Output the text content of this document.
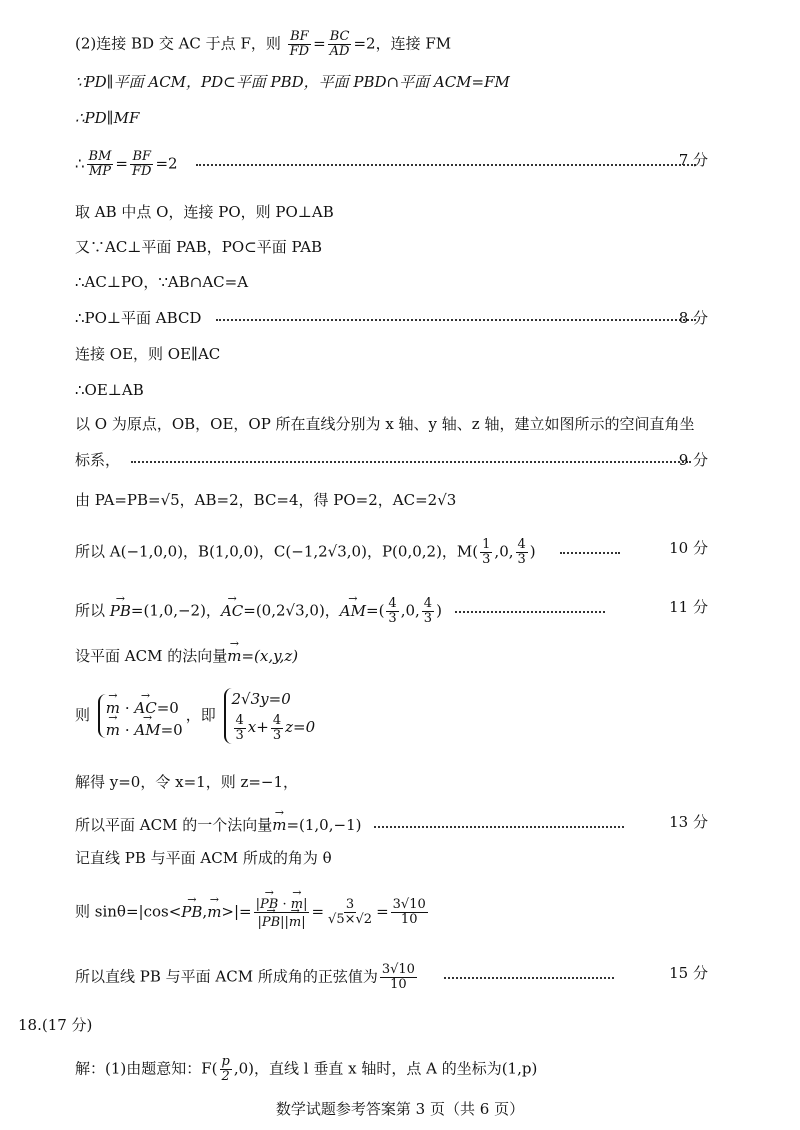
(2)连接 BD 交 AC 于点 F，则 $\frac{BF}{FD} = \frac{BC}{AD} =2$，连接 FM
∵PD∥平面 ACM，PD⊂平面 PBD，平面 PBD∩平面 ACM=FM
∴PD∥MF
∴ $\frac{BM}{MP} = \frac{BF}{FD} =2$	7 分
取 AB 中点 O，连接 PO，则 PO⊥AB
又∵AC⊥平面 PAB，PO⊂平面 PAB
∴AC⊥PO，∵AB∩AC=A
∴PO⊥平面 ABCD	8 分
连接 OE，则 OE∥AC
∴OE⊥AB
以 O 为原点，OB，OE，OP 所在直线分别为 x 轴、y 轴、z 轴，建立如图所示的空间直角坐
标系，	9 分
由 PA=PB=√5，AB=2，BC=4，得 PO=2，AC=2√3
所以 A(−1,0,0)，B(1,0,0)，C(−1,2√3,0)，P(0,0,2)，$M( \frac{1}{3} ,0$, $\frac{4}{3}$ )	10 分
所以 → PB=(1,0,−2)，→ AC=(0,2√3,0)，→ $AM=( \frac{4}{3} ,0$, $\frac{4}{3}$ )	11 分
设平面 ACM 的法向量→ m=(x,y,z)
则 → m · → AC=0
→ m · → AM=0
，即
2√3y=0
$\frac{4}{3} x+ \frac{4}{3} z=0$
解得 y=0，令 x=1，则 z=−1，
所以平面 ACM 的一个法向量→ m=(1,0,−1)	13 分
记直线 PB 与平面 ACM 所成的角为 θ
则 $\sin\theta=|\cos<\to PB,\to m>|= \frac{|\to PB \cdot \to m|}{|\to PB||\to m|} = \frac{3}{√5\times√2} = \frac{3√10}{10}$
所以直线 PB 与平面 ACM 所成角的正弦值为 $\frac{3√10}{10}$
	15 分
18.(17 分)
解：(1)由题意知：$F( \frac{p}{2} ,0)$，直线 l 垂直 x 轴时，点 A 的坐标为(1,p)
数学试题参考答案第 3 页（共 6 页）
